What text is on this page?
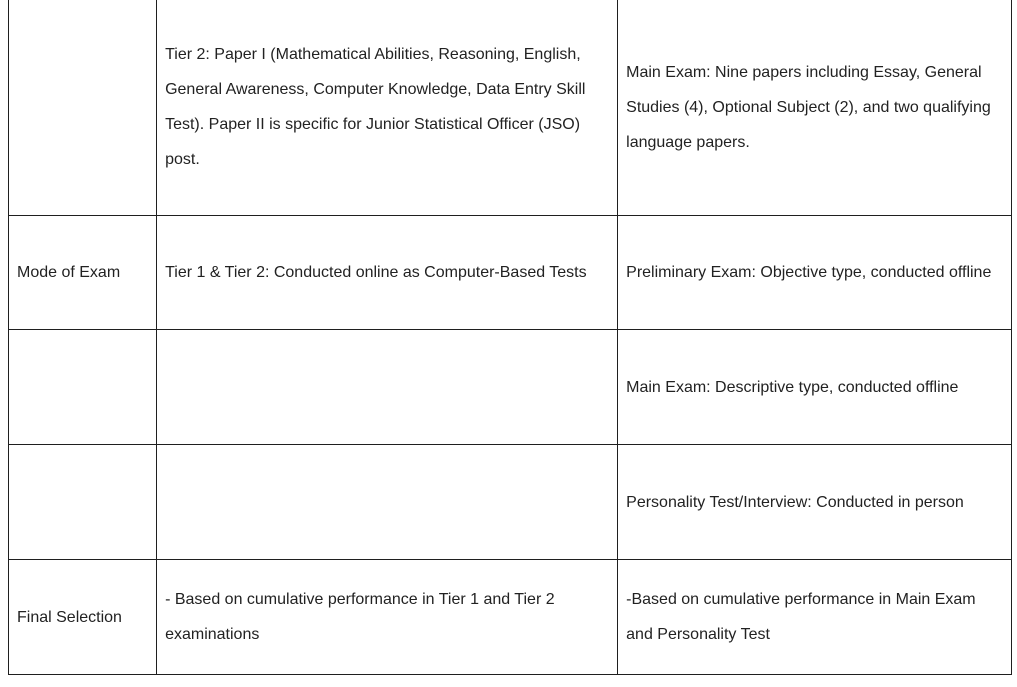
	Tier 2: Paper I (Mathematical Abilities, Reasoning, English, General Awareness, Computer Knowledge, Data Entry Skill Test). Paper II is specific for Junior Statistical Officer (JSO) post.	Main Exam: Nine papers including Essay, General Studies (4), Optional Subject (2), and two qualifying language papers.
Mode of Exam	Tier 1 & Tier 2: Conducted online as Computer-Based Tests	Preliminary Exam: Objective type, conducted offline
		Main Exam: Descriptive type, conducted offline
		Personality Test/Interview: Conducted in person
Final Selection	- Based on cumulative performance in Tier 1 and Tier 2 examinations	-Based on cumulative performance in Main Exam and Personality Test
